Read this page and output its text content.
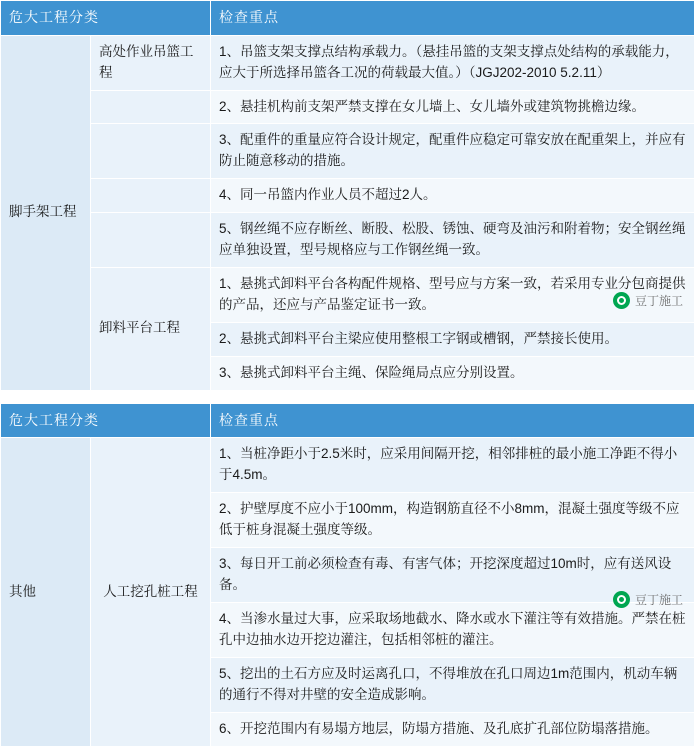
危大工程分类		检查重点
脚手架工程	高处作业吊篮工程	1、吊篮支架支撑点结构承载力。（悬挂吊篮的支架支撑点处结构的承载能力，应大于所选择吊篮各工况的荷载最大值。）（JGJ202-2010 5.2.11）
		2、悬挂机构前支架严禁支撑在女儿墙上、女儿墙外或建筑物挑檐边缘。
		3、配重件的重量应符合设计规定，配重件应稳定可靠安放在配重架上，并应有防止随意移动的措施。
		4、同一吊篮内作业人员不超过2人。
		5、钢丝绳不应存断丝、断股、松股、锈蚀、硬弯及油污和附着物；安全钢丝绳应单独设置，型号规格应与工作钢丝绳一致。
	卸料平台工程	1、悬挑式卸料平台各构配件规格、型号应与方案一致，若采用专业分包商提供的产品，还应与产品鉴定证书一致。
		2、悬挑式卸料平台主梁应使用整根工字钢或槽钢，严禁接长使用。
		3、悬挑式卸料平台主绳、保险绳局点应分别设置。
危大工程分类		检查重点
其他	人工挖孔桩工程	1、当桩净距小于2.5米时，应采用间隔开挖，相邻排桩的最小施工净距不得小于4.5m。
		2、护壁厚度不应小于100mm，构造钢筋直径不小8mm，混凝土强度等级不应低于桩身混凝土强度等级。
		3、每日开工前必须检查有毒、有害气体；开挖深度超过10m时，应有送风设备。
		4、当渗水量过大事，应采取场地截水、降水或水下灌注等有效措施。严禁在桩孔中边抽水边开挖边灌注，包括相邻桩的灌注。
		5、挖出的土石方应及时运离孔口，不得堆放在孔口周边1m范围内，机动车辆的通行不得对井壁的安全造成影响。
		6、开挖范围内有易塌方地层，防塌方措施、及孔底扩孔部位防塌落措施。
豆丁施工
豆丁施工
